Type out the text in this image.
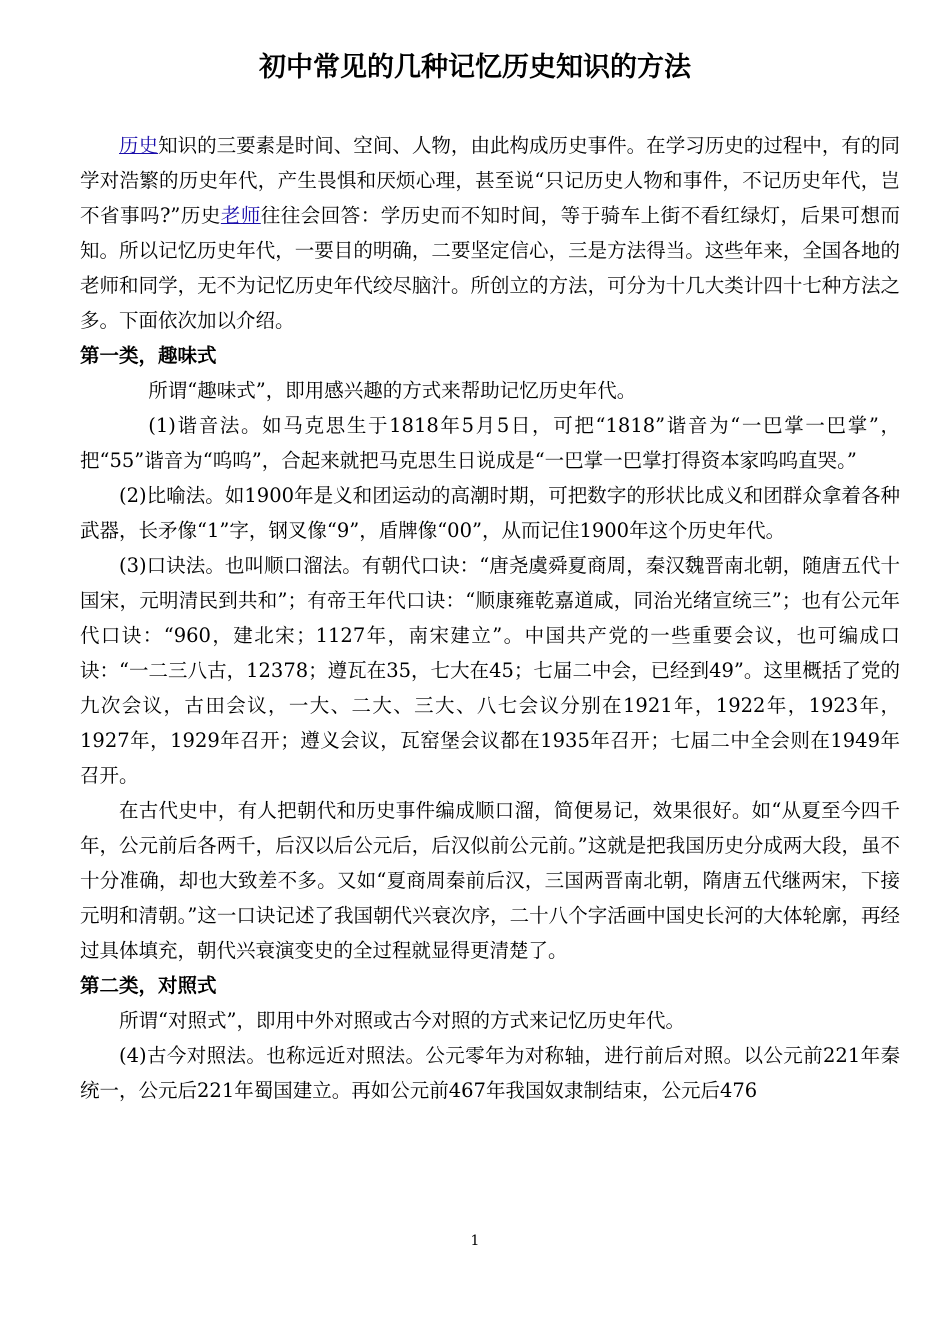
初中常见的几种记忆历史知识的方法

历史知识的三要素是时间、空间、人物，由此构成历史事件。在学习历史的过程中，有的同学对浩繁的历史年代，产生畏惧和厌烦心理，甚至说“只记历史人物和事件，不记历史年代，岂不省事吗?”历史老师往往会回答：学历史而不知时间，等于骑车上街不看红绿灯，后果可想而知。所以记忆历史年代，一要目的明确，二要坚定信心，三是方法得当。这些年来，全国各地的老师和同学，无不为记忆历史年代绞尽脑汁。所创立的方法，可分为十几大类计四十七种方法之多。下面依次加以介绍。

第一类，趣味式

所谓“趣味式”，即用感兴趣的方式来帮助记忆历史年代。

(1)谐音法。如马克思生于1818年5月5日，可把“1818”谐音为“一巴掌一巴掌”，把“55”谐音为“呜呜”，合起来就把马克思生日说成是“一巴掌一巴掌打得资本家呜呜直哭。”

(2)比喻法。如1900年是义和团运动的高潮时期，可把数字的形状比成义和团群众拿着各种武器，长矛像“1”字，钢叉像“9”，盾牌像“00”，从而记住1900年这个历史年代。

(3)口诀法。也叫顺口溜法。有朝代口诀：“唐尧虞舜夏商周，秦汉魏晋南北朝，随唐五代十国宋，元明清民到共和”；有帝王年代口诀：“顺康雍乾嘉道咸，同治光绪宣统三”；也有公元年代口诀：“960，建北宋；1127年，南宋建立”。中国共产党的一些重要会议，也可编成口诀：“一二三八古，12378；遵瓦在35，七大在45；七届二中会，已经到49”。这里概括了党的九次会议，古田会议，一大、二大、三大、八七会议分别在1921年，1922年，1923年，1927年，1929年召开；遵义会议，瓦窑堡会议都在1935年召开；七届二中全会则在1949年召开。

在古代史中，有人把朝代和历史事件编成顺口溜，简便易记，效果很好。如“从夏至今四千年，公元前后各两千，后汉以后公元后，后汉似前公元前。”这就是把我国历史分成两大段，虽不十分准确，却也大致差不多。又如“夏商周秦前后汉，三国两晋南北朝，隋唐五代继两宋，下接元明和清朝。”这一口诀记述了我国朝代兴衰次序，二十八个字活画中国史长河的大体轮廓，再经过具体填充，朝代兴衰演变史的全过程就显得更清楚了。

第二类，对照式

所谓“对照式”，即用中外对照或古今对照的方式来记忆历史年代。

(4)古今对照法。也称远近对照法。公元零年为对称轴，进行前后对照。以公元前221年秦统一，公元后221年蜀国建立。再如公元前467年我国奴隶制结束，公元后476

1
